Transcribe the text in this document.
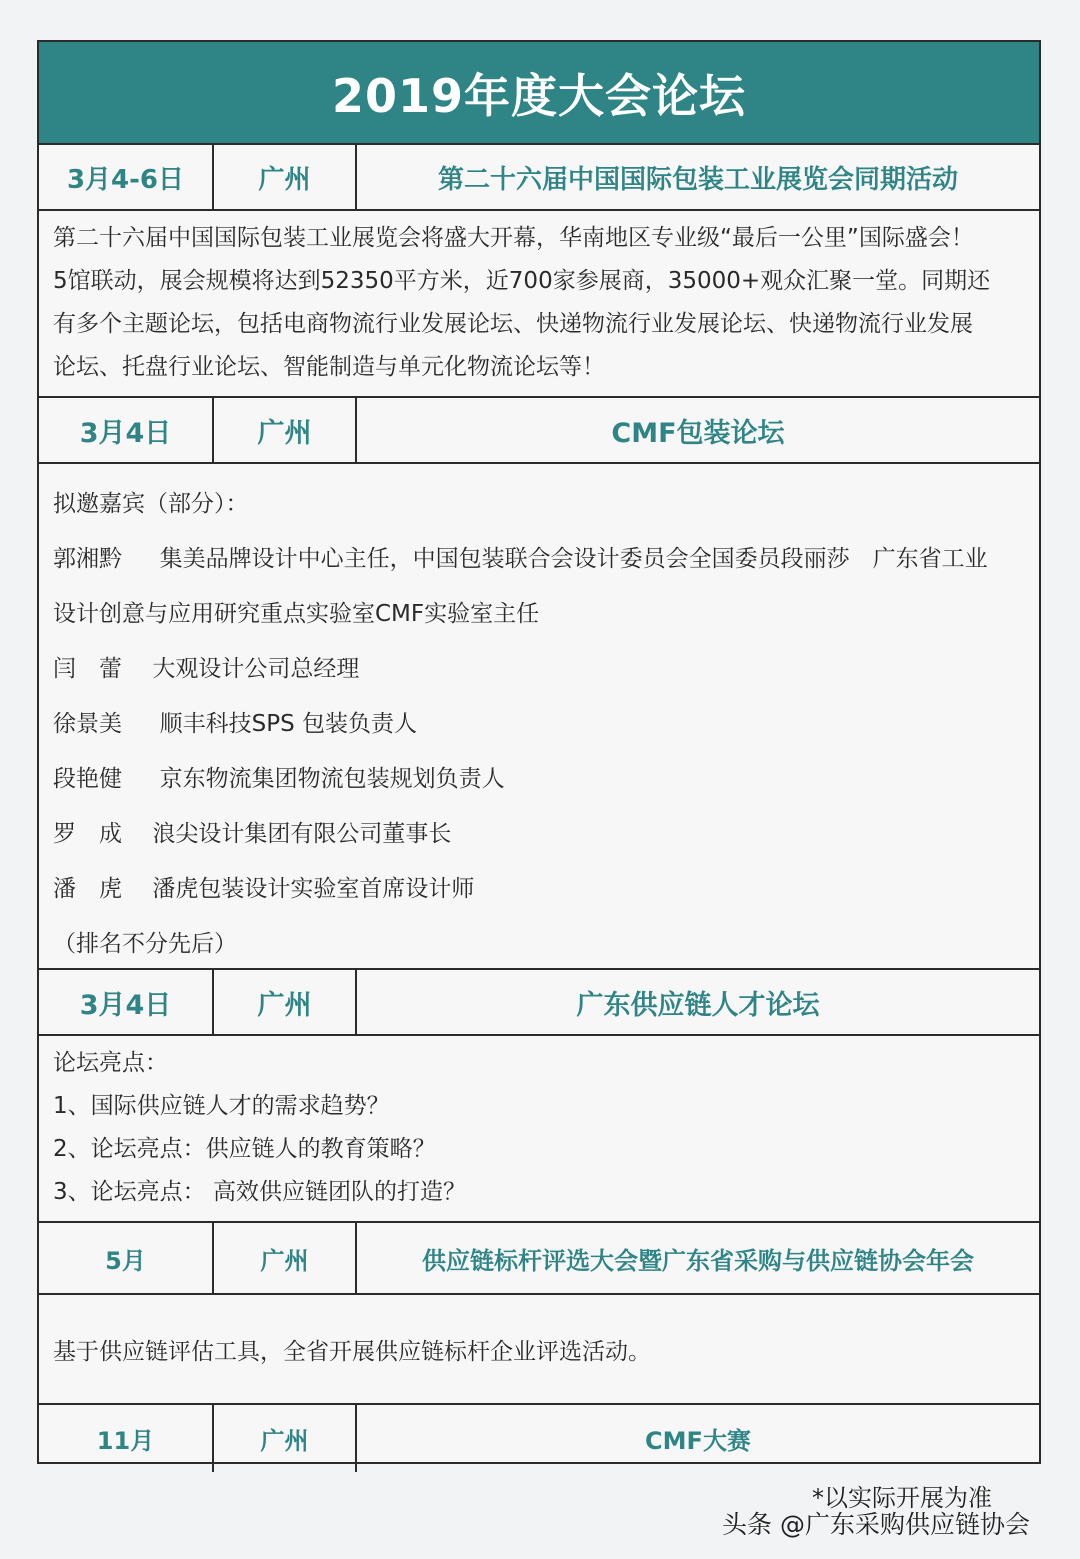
2019年度大会论坛
3月4-6日	广州	第二十六届中国国际包装工业展览会同期活动
第二十六届中国国际包装工业展览会将盛大开幕，华南地区专业级“最后一公里”国际盛会！
5馆联动，展会规模将达到52350平方米，近700家参展商，35000+观众汇聚一堂。同期还
有多个主题论坛，包括电商物流行业发展论坛、快递物流行业发展论坛、快递物流行业发展
论坛、托盘行业论坛、智能制造与单元化物流论坛等！
3月4日	广州	CMF包装论坛
拟邀嘉宾（部分）：
郭湘黔 集美品牌设计中心主任，中国包装联合会设计委员会全国委员段丽莎　广东省工业
设计创意与应用研究重点实验室CMF实验室主任
闫　蕾 大观设计公司总经理
徐景美 顺丰科技SPS 包装负责人
段艳健 京东物流集团物流包装规划负责人
罗　成 浪尖设计集团有限公司董事长
潘　虎 潘虎包装设计实验室首席设计师
（排名不分先后）
3月4日	广州	广东供应链人才论坛
论坛亮点：
1、国际供应链人才的需求趋势？
2、论坛亮点：供应链人的教育策略？
3、论坛亮点： 高效供应链团队的打造？
5月	广州	供应链标杆评选大会暨广东省采购与供应链协会年会
基于供应链评估工具，全省开展供应链标杆企业评选活动。
11月	广州	CMF大赛
*以实际开展为准
头条 @广东采购供应链协会
